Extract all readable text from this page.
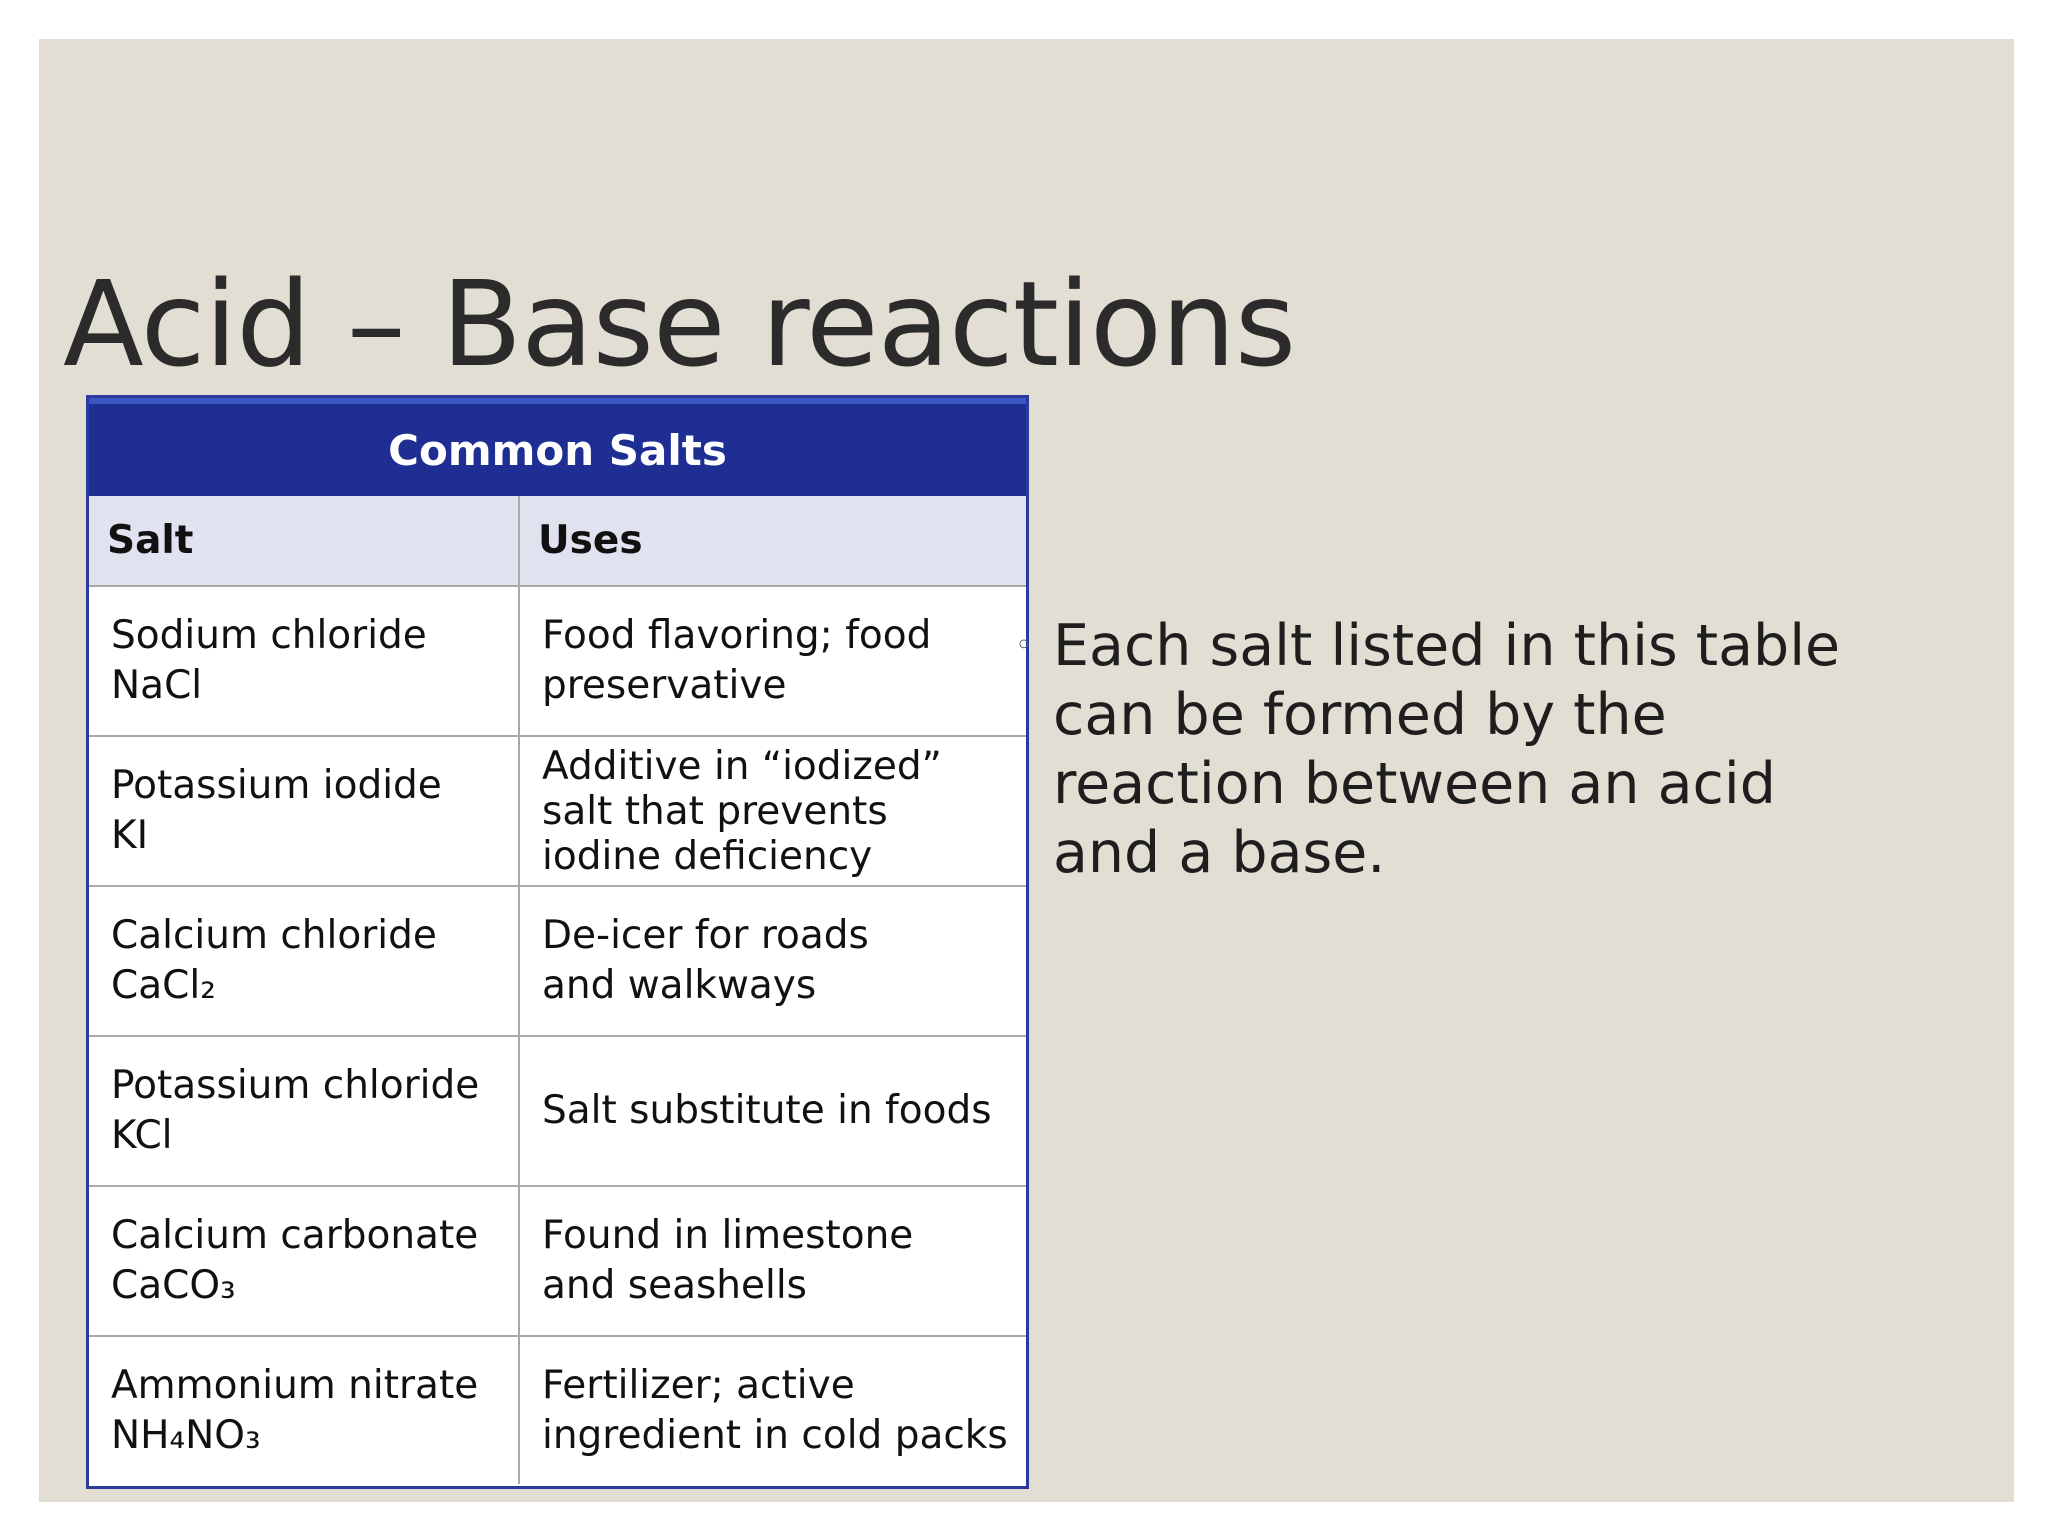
Acid – Base reactions
Common Salts
Salt	Uses

Sodium chloride
NaCl	Food flavoring; food
preservative

Potassium iodide
KI	Additive in “iodized”
salt that prevents
iodine deficiency

Calcium chloride
CaCl₂	De-icer for roads
and walkways

Potassium chloride
KCl	Salt substitute in foods

Calcium carbonate
CaCO₃	Found in limestone
and seashells

Ammonium nitrate
NH₄NO₃	Fertilizer; active
ingredient in cold packs
◦ Each salt listed in this table
can be formed by the
reaction between an acid
and a base.
